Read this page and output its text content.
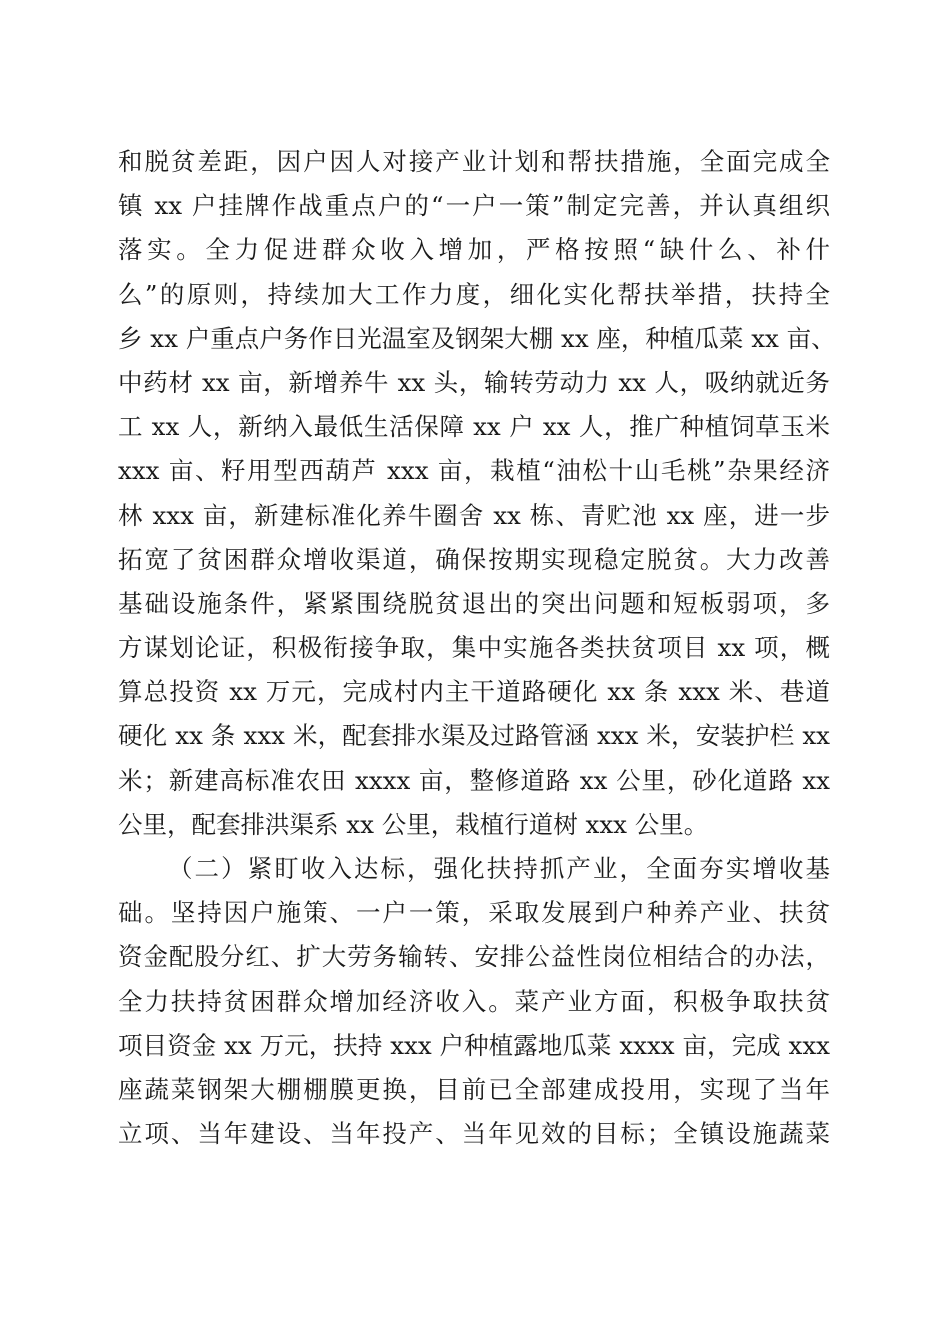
和脱贫差距，因户因人对接产业计划和帮扶措施，全面完成全
镇 xx 户挂牌作战重点户的“一户一策”制定完善，并认真组织
落实。全力促进群众收入增加，严格按照“缺什么、补什
么”的原则，持续加大工作力度，细化实化帮扶举措，扶持全
乡 xx 户重点户务作日光温室及钢架大棚 xx 座，种植瓜菜 xx 亩、
中药材 xx 亩，新增养牛 xx 头，输转劳动力 xx 人，吸纳就近务
工 xx 人，新纳入最低生活保障 xx 户 xx 人，推广种植饲草玉米
xxx 亩、籽用型西葫芦 xxx 亩，栽植“油松十山毛桃”杂果经济
林 xxx 亩，新建标准化养牛圈舍 xx 栋、青贮池 xx 座，进一步
拓宽了贫困群众增收渠道，确保按期实现稳定脱贫。大力改善
基础设施条件，紧紧围绕脱贫退出的突出问题和短板弱项，多
方谋划论证，积极衔接争取，集中实施各类扶贫项目 xx 项，概
算总投资 xx 万元，完成村内主干道路硬化 xx 条 xxx 米、巷道
硬化 xx 条 xxx 米，配套排水渠及过路管涵 xxx 米，安装护栏 xx
米；新建高标准农田 xxxx 亩，整修道路 xx 公里，砂化道路 xx
公里，配套排洪渠系 xx 公里，栽植行道树 xxx 公里。
（二）紧盯收入达标，强化扶持抓产业，全面夯实增收基
础。坚持因户施策、一户一策，采取发展到户种养产业、扶贫
资金配股分红、扩大劳务输转、安排公益性岗位相结合的办法，
全力扶持贫困群众增加经济收入。菜产业方面，积极争取扶贫
项目资金 xx 万元，扶持 xxx 户种植露地瓜菜 xxxx 亩，完成 xxx
座蔬菜钢架大棚棚膜更换，目前已全部建成投用，实现了当年
立项、当年建设、当年投产、当年见效的目标；全镇设施蔬菜
